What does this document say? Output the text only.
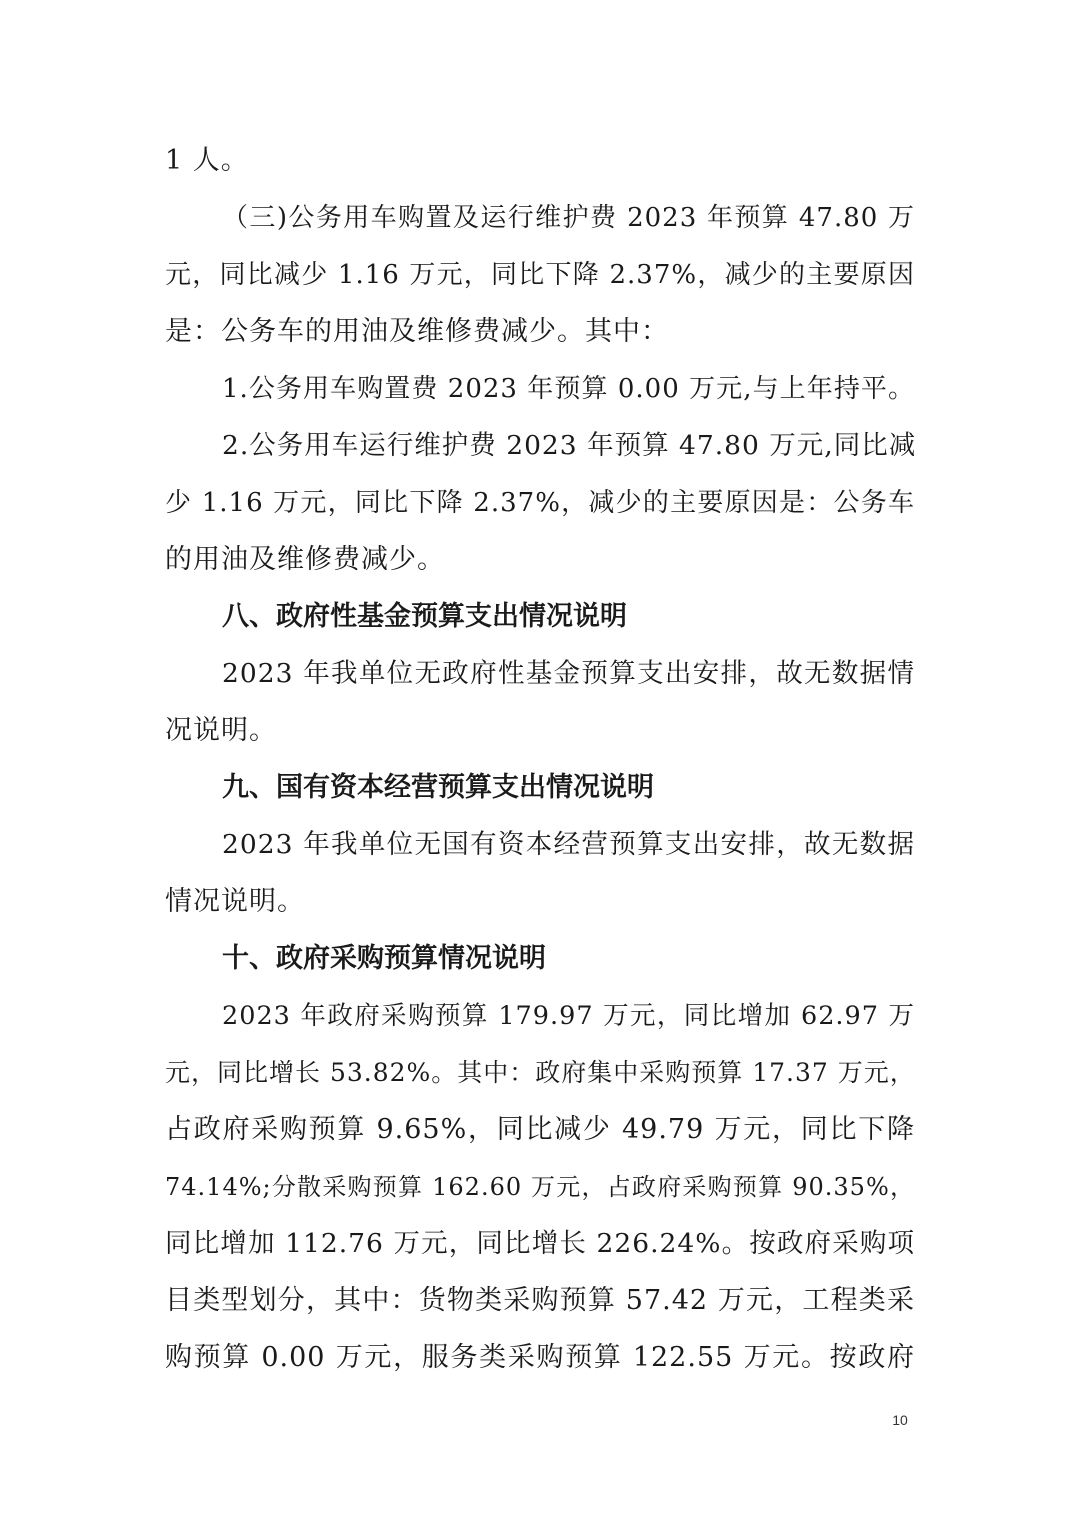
1 人。
（三)公务用车购置及运行维护费 2023 年预算 47.80 万
元，同比减少 1.16 万元，同比下降 2.37%，减少的主要原因
是：公务车的用油及维修费减少。其中：
1.公务用车购置费 2023 年预算 0.00 万元,与上年持平。
2.公务用车运行维护费 2023 年预算 47.80 万元,同比减
少 1.16 万元，同比下降 2.37%，减少的主要原因是：公务车
的用油及维修费减少。
八、政府性基金预算支出情况说明
2023 年我单位无政府性基金预算支出安排，故无数据情
况说明。
九、国有资本经营预算支出情况说明
2023 年我单位无国有资本经营预算支出安排，故无数据
情况说明。
十、政府采购预算情况说明
2023 年政府采购预算 179.97 万元，同比增加 62.97 万
元，同比增长 53.82%。其中：政府集中采购预算 17.37 万元，
占政府采购预算 9.65%，同比减少 49.79 万元，同比下降
74.14%;分散采购预算 162.60 万元，占政府采购预算 90.35%，
同比增加 112.76 万元，同比增长 226.24%。按政府采购项
目类型划分，其中：货物类采购预算 57.42 万元，工程类采
购预算 0.00 万元，服务类采购预算 122.55 万元。按政府
10
